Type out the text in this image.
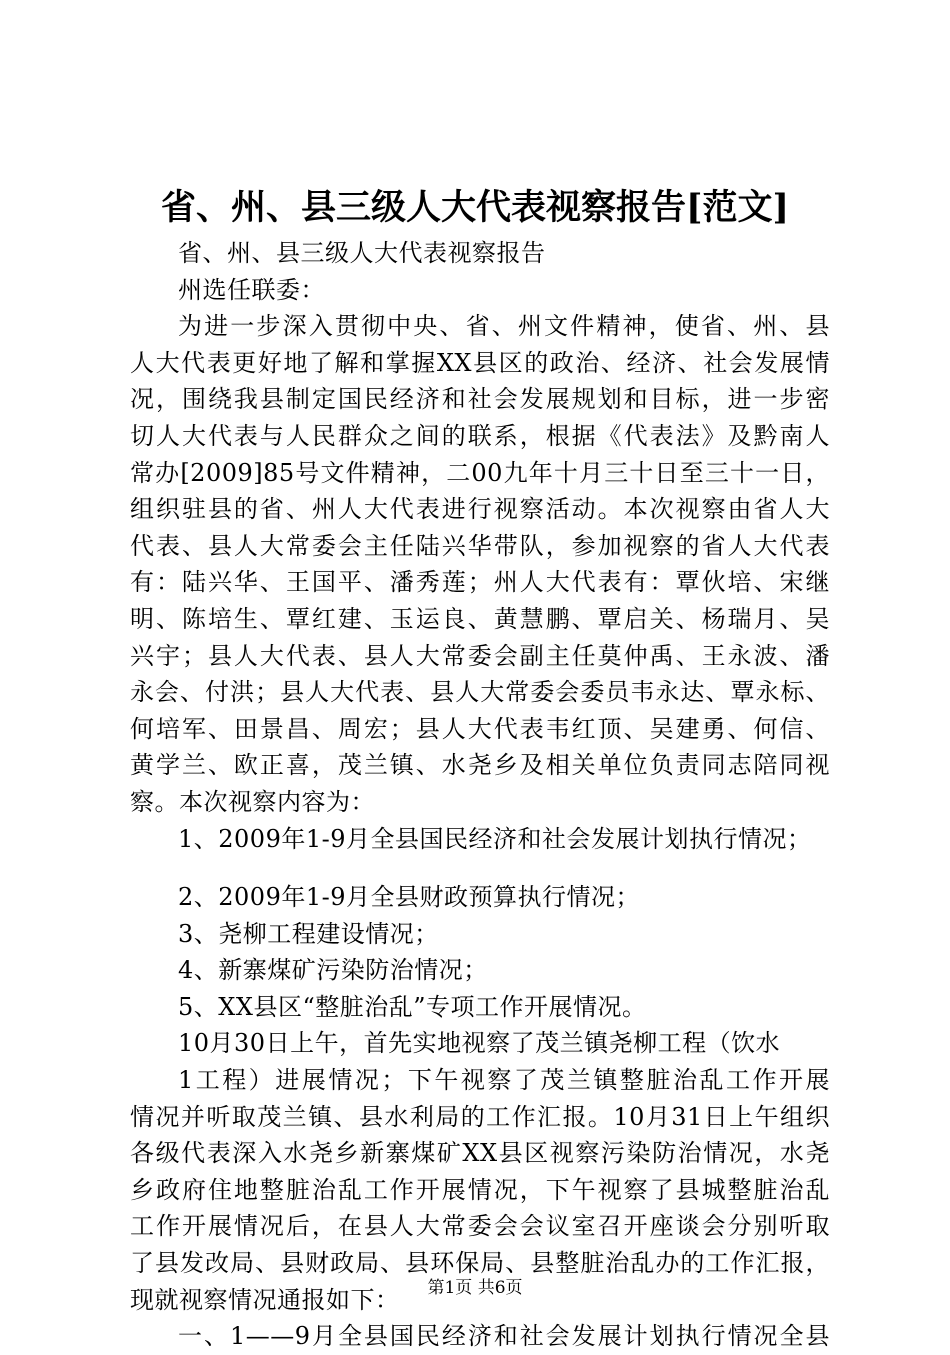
省、州、县三级人大代表视察报告[范文]
省、州、县三级人大代表视察报告
州选任联委：
为进一步深入贯彻中央、省、州文件精神，使省、州、县
人大代表更好地了解和掌握XX县区的政治、经济、社会发展情
况，围绕我县制定国民经济和社会发展规划和目标，进一步密
切人大代表与人民群众之间的联系，根据《代表法》及黔南人
常办[2009]85号文件精神，二00九年十月三十日至三十一日，
组织驻县的省、州人大代表进行视察活动。本次视察由省人大
代表、县人大常委会主任陆兴华带队，参加视察的省人大代表
有：陆兴华、王国平、潘秀莲；州人大代表有：覃伙培、宋继
明、陈培生、覃红建、玉运良、黄慧鹏、覃启关、杨瑞月、吴
兴宇；县人大代表、县人大常委会副主任莫仲禹、王永波、潘
永会、付洪；县人大代表、县人大常委会委员韦永达、覃永标、
何培军、田景昌、周宏；县人大代表韦红顶、吴建勇、何信、
黄学兰、欧正喜，茂兰镇、水尧乡及相关单位负责同志陪同视
察。本次视察内容为：
1、2009年1-9月全县国民经济和社会发展计划执行情况；
2、2009年1-9月全县财政预算执行情况；
3、尧柳工程建设情况；
4、新寨煤矿污染防治情况；
5、XX县区“整脏治乱”专项工作开展情况。
10月30日上午，首先实地视察了茂兰镇尧柳工程（饮水
1工程）进展情况；下午视察了茂兰镇整脏治乱工作开展
情况并听取茂兰镇、县水利局的工作汇报。10月31日上午组织
各级代表深入水尧乡新寨煤矿XX县区视察污染防治情况，水尧
乡政府住地整脏治乱工作开展情况，下午视察了县城整脏治乱
工作开展情况后，在县人大常委会会议室召开座谈会分别听取
了县发改局、县财政局、县环保局、县整脏治乱办的工作汇报，
现就视察情况通报如下：
一、1——9月全县国民经济和社会发展计划执行情况全县
第1页 共6页
